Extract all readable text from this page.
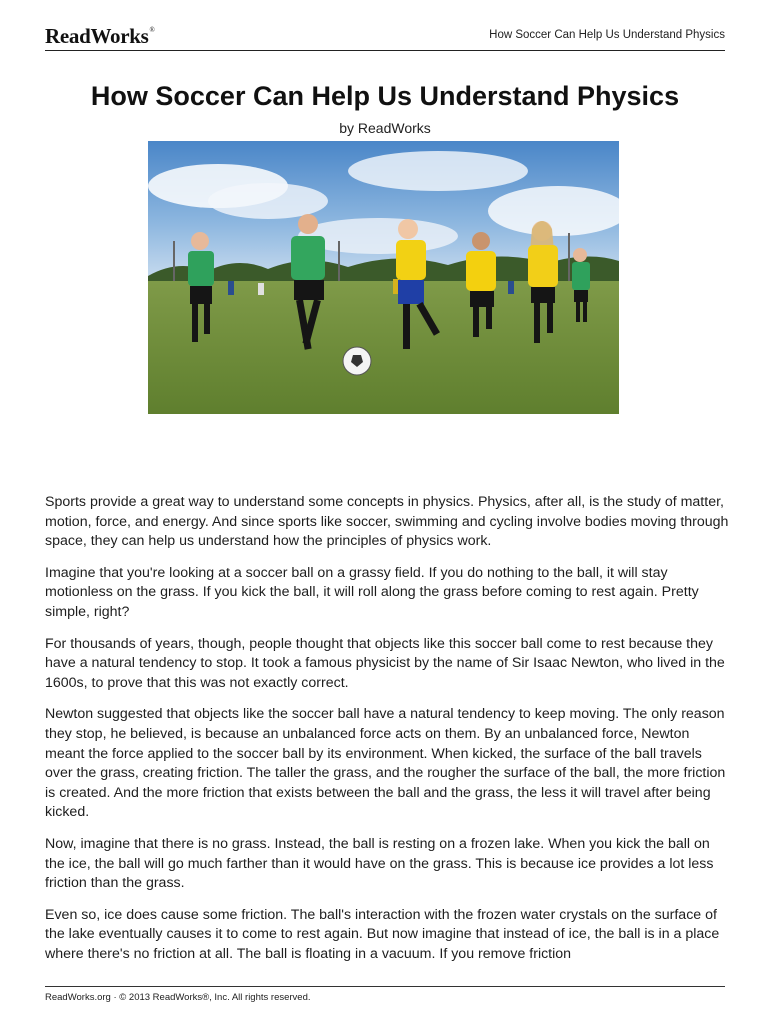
ReadWorks®	How Soccer Can Help Us Understand Physics
How Soccer Can Help Us Understand Physics
by ReadWorks

Sports provide a great way to understand some concepts in physics. Physics, after all, is the study of matter, motion, force, and energy. And since sports like soccer, swimming and cycling involve bodies moving through space, they can help us understand how the principles of physics work.

Imagine that you're looking at a soccer ball on a grassy field. If you do nothing to the ball, it will stay motionless on the grass. If you kick the ball, it will roll along the grass before coming to rest again. Pretty simple, right?

For thousands of years, though, people thought that objects like this soccer ball come to rest because they have a natural tendency to stop. It took a famous physicist by the name of Sir Isaac Newton, who lived in the 1600s, to prove that this was not exactly correct.

Newton suggested that objects like the soccer ball have a natural tendency to keep moving. The only reason they stop, he believed, is because an unbalanced force acts on them. By an unbalanced force, Newton meant the force applied to the soccer ball by its environment. When kicked, the surface of the ball travels over the grass, creating friction. The taller the grass, and the rougher the surface of the ball, the more friction is created. And the more friction that exists between the ball and the grass, the less it will travel after being kicked.

Now, imagine that there is no grass. Instead, the ball is resting on a frozen lake. When you kick the ball on the ice, the ball will go much farther than it would have on the grass. This is because ice provides a lot less friction than the grass.

Even so, ice does cause some friction. The ball's interaction with the frozen water crystals on the surface of the lake eventually causes it to come to rest again. But now imagine that instead of ice, the ball is in a place where there's no friction at all. The ball is floating in a vacuum. If you remove friction

ReadWorks.org · © 2013 ReadWorks®, Inc. All rights reserved.
